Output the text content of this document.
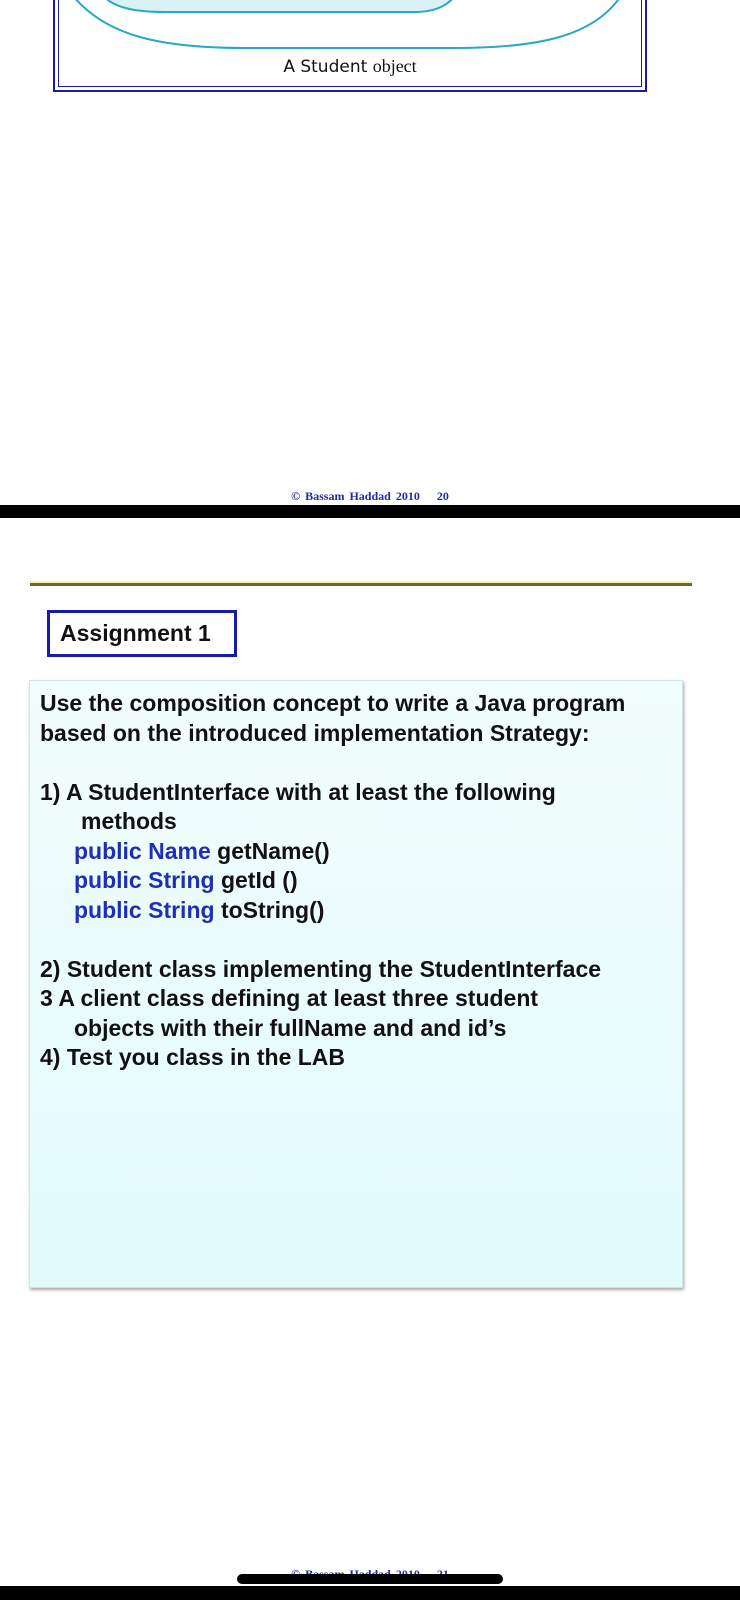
A Student object
© Bassam Haddad 2010 20
Assignment 1
Use the composition concept to write a Java program
based on the introduced implementation Strategy:
1) A StudentInterface with at least the following
methods
public Name getName()
public String getId ()
public String toString()
2) Student class implementing the StudentInterface
3 A client class defining at least three student
objects with their fullName and and id’s
4) Test you class in the LAB
